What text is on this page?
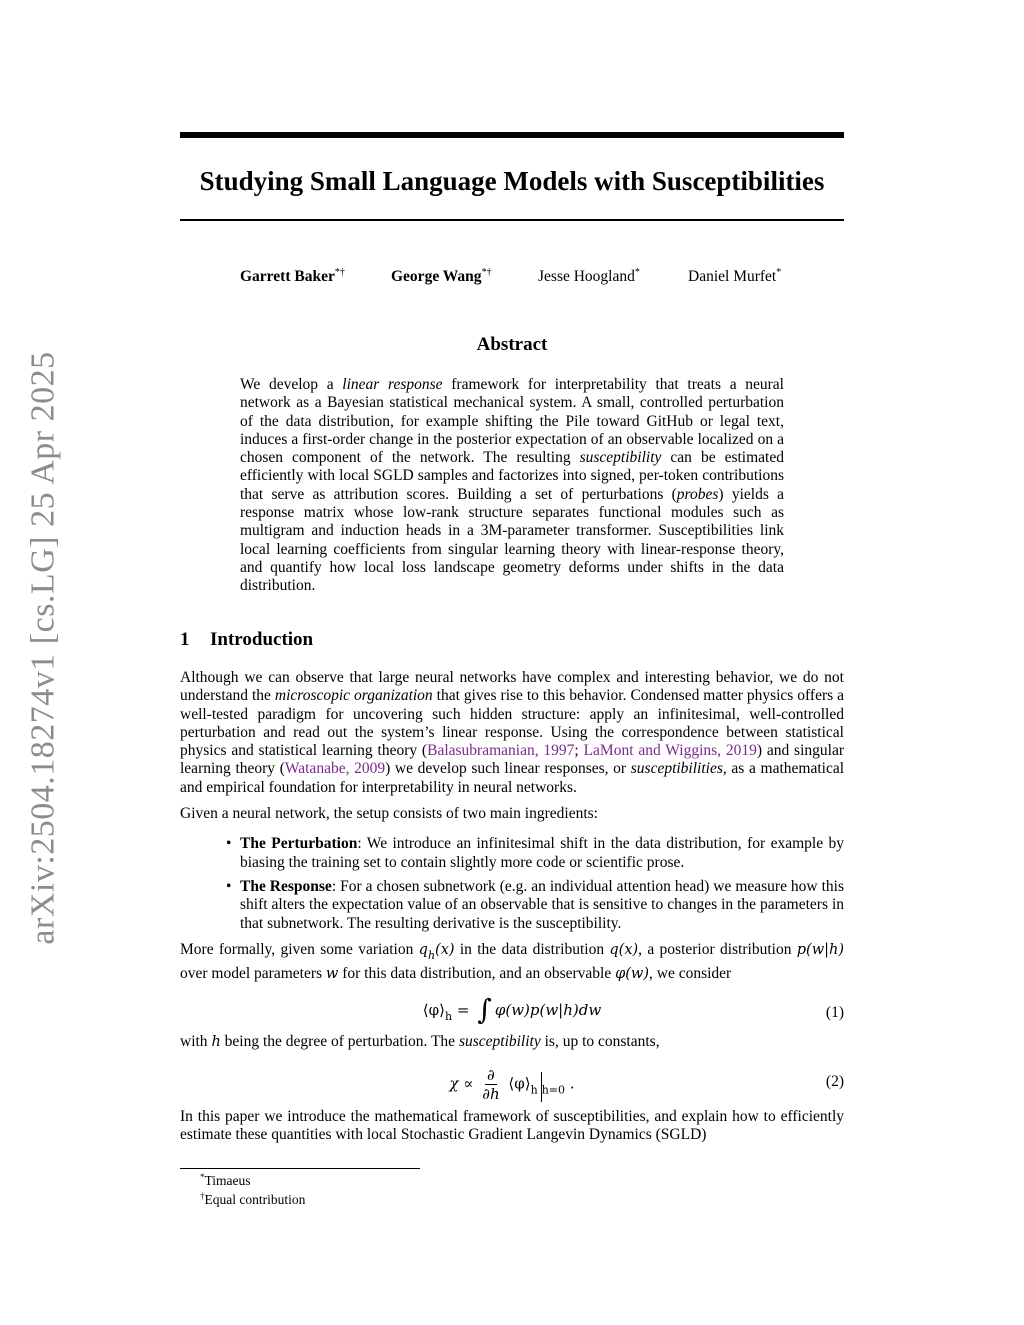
arXiv:2504.18274v1 [cs.LG] 25 Apr 2025
Studying Small Language Models with Susceptibilities
Garrett Baker*†	George Wang*†	Jesse Hoogland*	Daniel Murfet*
Abstract

We develop a linear response framework for interpretability that treats a neural network as a Bayesian statistical mechanical system. A small, controlled perturbation of the data distribution, for example shifting the Pile toward GitHub or legal text, induces a first-order change in the posterior expectation of an observable localized on a chosen component of the network. The resulting susceptibility can be estimated efficiently with local SGLD samples and factorizes into signed, per-token contributions that serve as attribution scores. Building a set of perturbations (probes) yields a response matrix whose low-rank structure separates functional modules such as multigram and induction heads in a 3M-parameter transformer. Susceptibilities link local learning coefficients from singular learning theory with linear-response theory, and quantify how local loss landscape geometry deforms under shifts in the data distribution.

1 Introduction

Although we can observe that large neural networks have complex and interesting behavior, we do not understand the microscopic organization that gives rise to this behavior. Condensed matter physics offers a well-tested paradigm for uncovering such hidden structure: apply an infinitesimal, well-controlled perturbation and read out the system’s linear response. Using the correspondence between statistical physics and statistical learning theory (Balasubramanian, 1997; LaMont and Wiggins, 2019) and singular learning theory (Watanabe, 2009) we develop such linear responses, or susceptibilities, as a mathematical and empirical foundation for interpretability in neural networks.

Given a neural network, the setup consists of two main ingredients:

• The Perturbation: We introduce an infinitesimal shift in the data distribution, for example by biasing the training set to contain slightly more code or scientific prose.
• The Response: For a chosen subnetwork (e.g. an individual attention head) we measure how this shift alters the expectation value of an observable that is sensitive to changes in the parameters in that subnetwork. The resulting derivative is the susceptibility.

More formally, given some variation $q_h(x)$ in the data distribution q(x), a posterior distribution p(w|h) over model parameters w for this data distribution, and an observable φ(w), we consider

$⟨\varphi⟩_h$ = ∫ φ(w)p(w|h)dw	(1)

with h being the degree of perturbation. The susceptibility is, up to constants,

$\chi \propto \frac{\partial}{\partial h}$ $⟨\varphi⟩_h$ $_{h=0}$ .	(2)

In this paper we introduce the mathematical framework of susceptibilities, and explain how to efficiently estimate these quantities with local Stochastic Gradient Langevin Dynamics (SGLD)

*Timaeus
†Equal contribution
